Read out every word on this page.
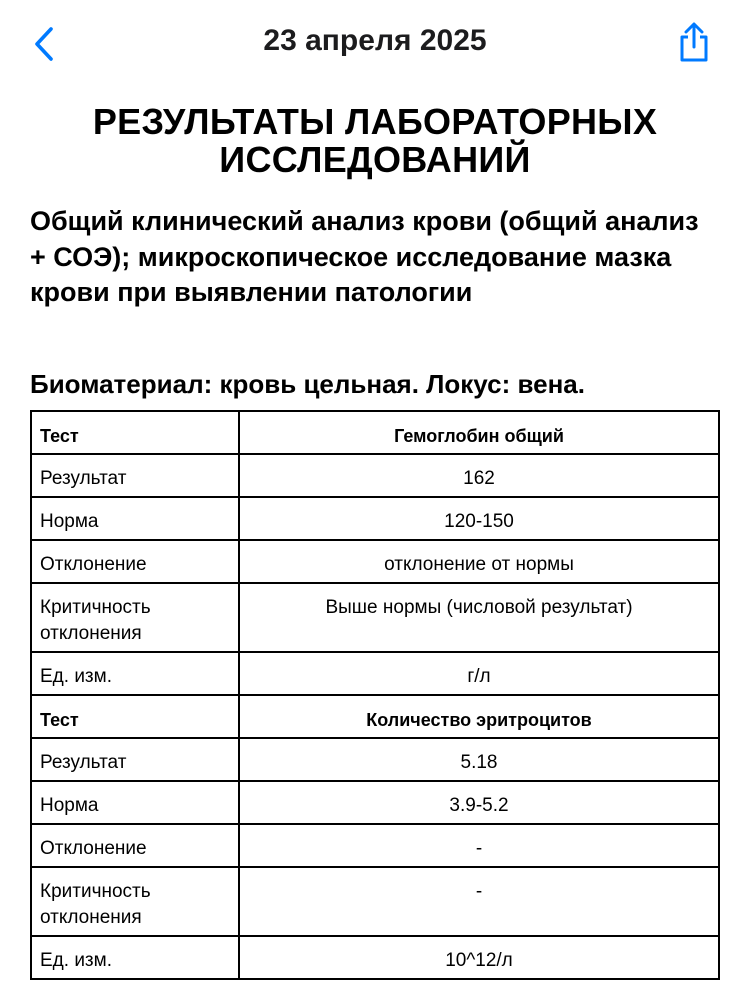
23 апреля 2025
РЕЗУЛЬТАТЫ ЛАБОРАТОРНЫХ ИССЛЕДОВАНИЙ
Общий клинический анализ крови (общий анализ + СОЭ); микроскопическое исследование мазка крови при выявлении патологии
Биоматериал: кровь цельная. Локус: вена.
Тест	Гемоглобин общий
Результат	162
Норма	120-150
Отклонение	отклонение от нормы
Критичность отклонения	Выше нормы (числовой результат)
Ед. изм.	г/л
Тест	Количество эритроцитов
Результат	5.18
Норма	3.9-5.2
Отклонение	-
Критичность отклонения	-
Ед. изм.	10^12/л
